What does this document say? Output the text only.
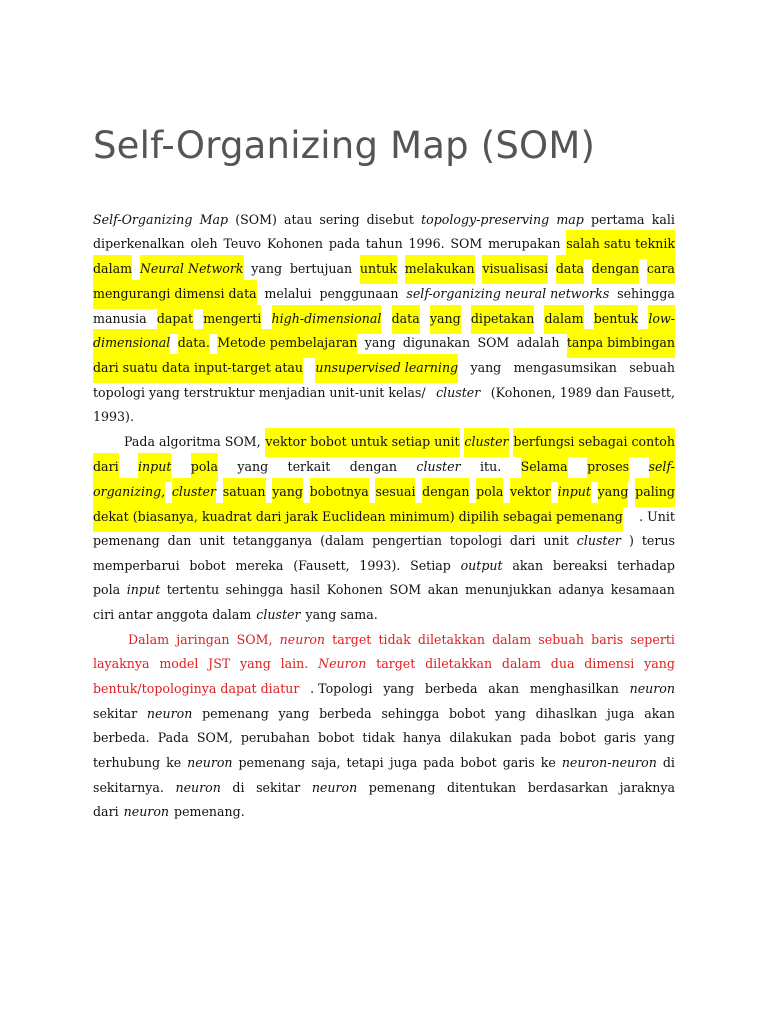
Self-Organizing Map (SOM)
Self-Organizing Map (SOM) atau sering disebut topology-preserving map pertama kali
diperkenalkan oleh Teuvo Kohonen pada tahun 1996. SOM merupakan salah satu teknik
dalam Neural Network yang bertujuan untuk melakukan visualisasi data dengan cara
mengurangi dimensi data melalui penggunaan self-organizing neural networks sehingga
manusia dapat mengerti high-dimensional data yang dipetakan dalam bentuk low-
dimensional data. Metode pembelajaran yang digunakan SOM adalah tanpa bimbingan
dari suatu data input-target atau unsupervised learning yang mengasumsikan sebuah
topologi yang terstruktur menjadian unit-unit kelas/ cluster (Kohonen, 1989 dan Fausett,
1993).
Pada algoritma SOM, vektor bobot untuk setiap unit cluster berfungsi sebagai contoh
dari input pola yang terkait dengan cluster itu. Selama proses self-
organizing, cluster satuan yang bobotnya sesuai dengan pola vektor input yang paling
dekat (biasanya, kuadrat dari jarak Euclidean minimum) dipilih sebagai pemenang . Unit
pemenang dan unit tetangganya (dalam pengertian topologi dari unit cluster ) terus
memperbarui bobot mereka (Fausett, 1993). Setiap output akan bereaksi terhadap
pola input tertentu sehingga hasil Kohonen SOM akan menunjukkan adanya kesamaan
ciri antar anggota dalam cluster yang sama.
Dalam jaringan SOM, neuron target tidak diletakkan dalam sebuah baris seperti
layaknya model JST yang lain. Neuron target diletakkan dalam dua dimensi yang
bentuk/topologinya dapat diatur . Topologi yang berbeda akan menghasilkan neuron
sekitar neuron pemenang yang berbeda sehingga bobot yang dihaslkan juga akan
berbeda. Pada SOM, perubahan bobot tidak hanya dilakukan pada bobot garis yang
terhubung ke neuron pemenang saja, tetapi juga pada bobot garis ke neuron-neuron di
sekitarnya. neuron di sekitar neuron pemenang ditentukan berdasarkan jaraknya
dari neuron pemenang.
